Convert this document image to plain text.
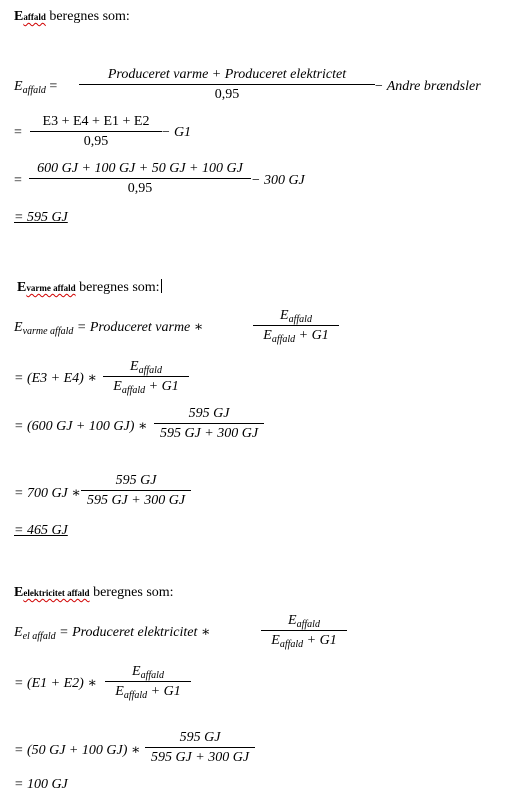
Eaffald beregnes som:
$E_{affald}$ =
Produceret varme + Produceret elektrictet
0,95
− Andre brændsler
= $\frac{E3 + E4 + E1 + E2}{0,95} - G1$
= $\frac{600 GJ + 100 GJ + 50 GJ + 100 GJ}{0,95} - 300$ GJ
= 595 GJ
Evarme affald beregnes som:
$E_{varme affald}$ = Produceret varme ∗
$E_{affald}$
$E_{affald} + G1$
= (E3 + E4) ∗
$E_{affald}$
$E_{affald} + G1$
= (600 GJ + 100 GJ) ∗ $\frac{595 GJ}{595 GJ + 300 GJ}$
= 700 GJ ∗ $\frac{595 GJ}{595 GJ + 300 GJ}$
= 465 GJ
Eelektricitet affald beregnes som:
$E_{el affald}$ = Produceret elektricitet ∗
$E_{affald}$
$E_{affald} + G1$
= (E1 + E2) ∗
$E_{affald}$
$E_{affald} + G1$
= (50 GJ + 100 GJ) ∗ $\frac{595 GJ}{595 GJ + 300 GJ}$
= 100 GJ
